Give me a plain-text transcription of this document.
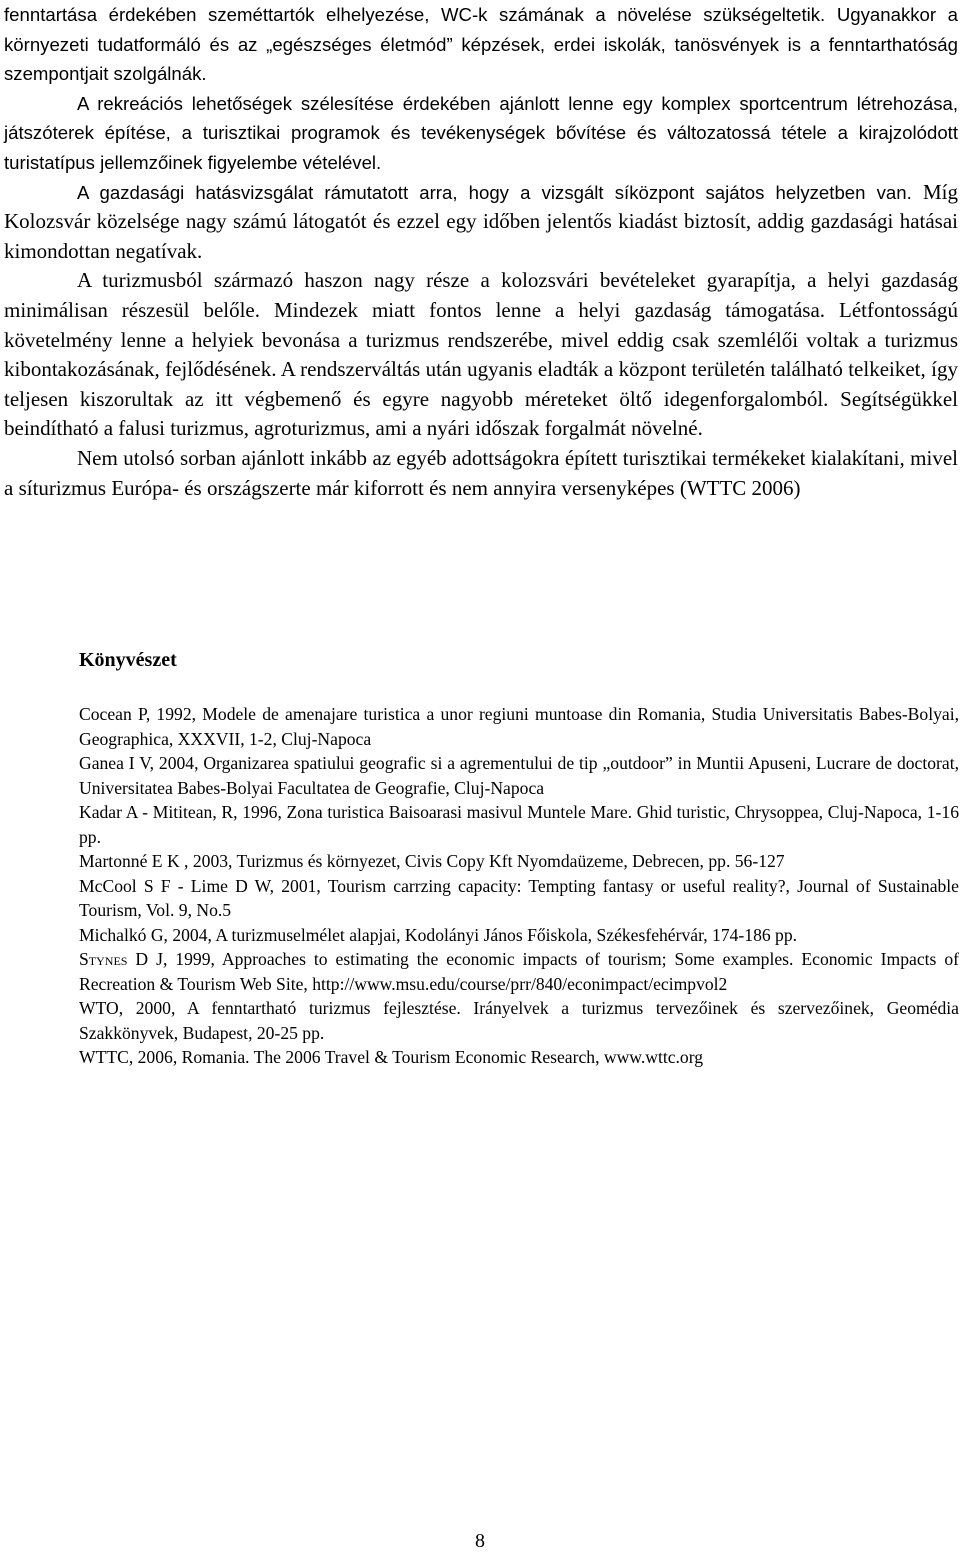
fenntartása érdekében szeméttartók elhelyezése, WC-k számának a növelése szükségeltetik. Ugyanakkor a környezeti tudatformáló és az „egészséges életmód” képzések, erdei iskolák, tanösvények is a fenntarthatóság szempontjait szolgálnák.

A rekreációs lehetőségek szélesítése érdekében ajánlott lenne egy komplex sportcentrum létrehozása, játszóterek építése, a turisztikai programok és tevékenységek bővítése és változatossá tétele a kirajzolódott turistatípus jellemzőinek figyelembe vételével.

A gazdasági hatásvizsgálat rámutatott arra, hogy a vizsgált síközpont sajátos helyzetben van. Míg Kolozsvár közelsége nagy számú látogatót és ezzel egy időben jelentős kiadást biztosít, addig gazdasági hatásai kimondottan negatívak.

A turizmusból származó haszon nagy része a kolozsvári bevételeket gyarapítja, a helyi gazdaság minimálisan részesül belőle. Mindezek miatt fontos lenne a helyi gazdaság támogatása. Létfontosságú követelmény lenne a helyiek bevonása a turizmus rendszerébe, mivel eddig csak szemlélői voltak a turizmus kibontakozásának, fejlődésének. A rendszerváltás után ugyanis eladták a központ területén található telkeiket, így teljesen kiszorultak az itt végbemenő és egyre nagyobb méreteket öltő idegenforgalomból. Segítségükkel beindítható a falusi turizmus, agroturizmus, ami a nyári időszak forgalmát növelné.

Nem utolsó sorban ajánlott inkább az egyéb adottságokra épített turisztikai termékeket kialakítani, mivel a síturizmus Európa- és országszerte már kiforrott és nem annyira versenyképes (WTTC 2006)

Könyvészet

Cocean P, 1992, Modele de amenajare turistica a unor regiuni muntoase din Romania, Studia Universitatis Babes-Bolyai, Geographica, XXXVII, 1-2, Cluj-Napoca

Ganea I V, 2004, Organizarea spatiului geografic si a agrementului de tip „outdoor” in Muntii Apuseni, Lucrare de doctorat, Universitatea Babes-Bolyai Facultatea de Geografie, Cluj-Napoca

Kadar A - Mititean, R, 1996, Zona turistica Baisoarasi masivul Muntele Mare. Ghid turistic, Chrysoppea, Cluj-Napoca, 1-16 pp.

Martonné E K , 2003, Turizmus és környezet, Civis Copy Kft Nyomdaüzeme, Debrecen, pp. 56-127

McCool S F - Lime D W, 2001, Tourism carrzing capacity: Tempting fantasy or useful reality?, Journal of Sustainable Tourism, Vol. 9, No.5

Michalkó G, 2004, A turizmuselmélet alapjai, Kodolányi János Főiskola, Székesfehérvár, 174-186 pp.

Stynes D J, 1999, Approaches to estimating the economic impacts of tourism; Some examples. Economic Impacts of Recreation & Tourism Web Site, http://www.msu.edu/course/prr/840/econimpact/ecimpvol2

WTO, 2000, A fenntartható turizmus fejlesztése. Irányelvek a turizmus tervezőinek és szervezőinek, Geomédia Szakkönyvek, Budapest, 20-25 pp.

WTTC, 2006, Romania. The 2006 Travel & Tourism Economic Research, www.wttc.org

8
